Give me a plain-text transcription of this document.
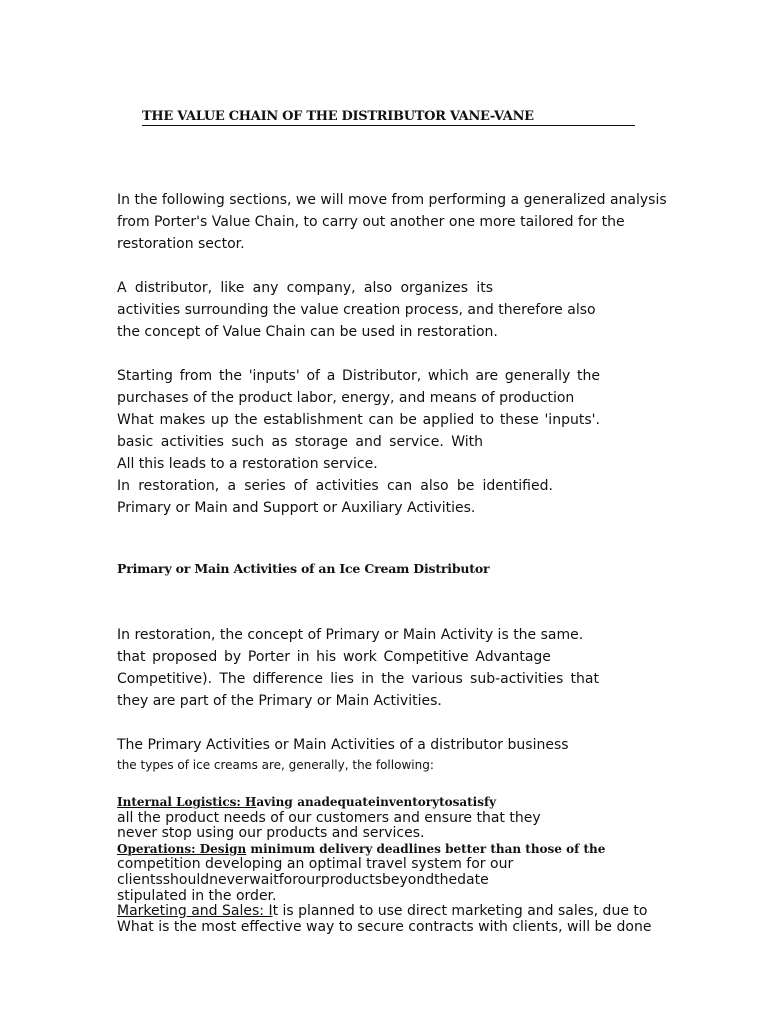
THE VALUE CHAIN OF THE DISTRIBUTOR VANE-VANE
In the following sections, we will move from performing a generalized analysis
from Porter's Value Chain, to carry out another one more tailored for the
restoration sector.
A distributor, like any company, also organizes its
activities surrounding the value creation process, and therefore also
the concept of Value Chain can be used in restoration.
Starting from the 'inputs' of a Distributor, which are generally the
purchases of the product labor, energy, and means of production
What makes up the establishment can be applied to these 'inputs'.
basic activities such as storage and service. With
All this leads to a restoration service.
In restoration, a series of activities can also be identified.
Primary or Main and Support or Auxiliary Activities.
Primary or Main Activities of an Ice Cream Distributor
In restoration, the concept of Primary or Main Activity is the same.
that proposed by Porter in his work Competitive Advantage
Competitive). The difference lies in the various sub-activities that
they are part of the Primary or Main Activities.
The Primary Activities or Main Activities of a distributor business
the types of ice creams are, generally, the following:
Internal Logistics: Having anadequateinventorytosatisfy
all the product needs of our customers and ensure that they
never stop using our products and services.
Operations: Design minimum delivery deadlines better than those of the
competition developing an optimal travel system for our
clientsshouldneverwaitforourproductsbeyondthedate
stipulated in the order.
Marketing and Sales: It is planned to use direct marketing and sales, due to
What is the most effective way to secure contracts with clients, will be done
